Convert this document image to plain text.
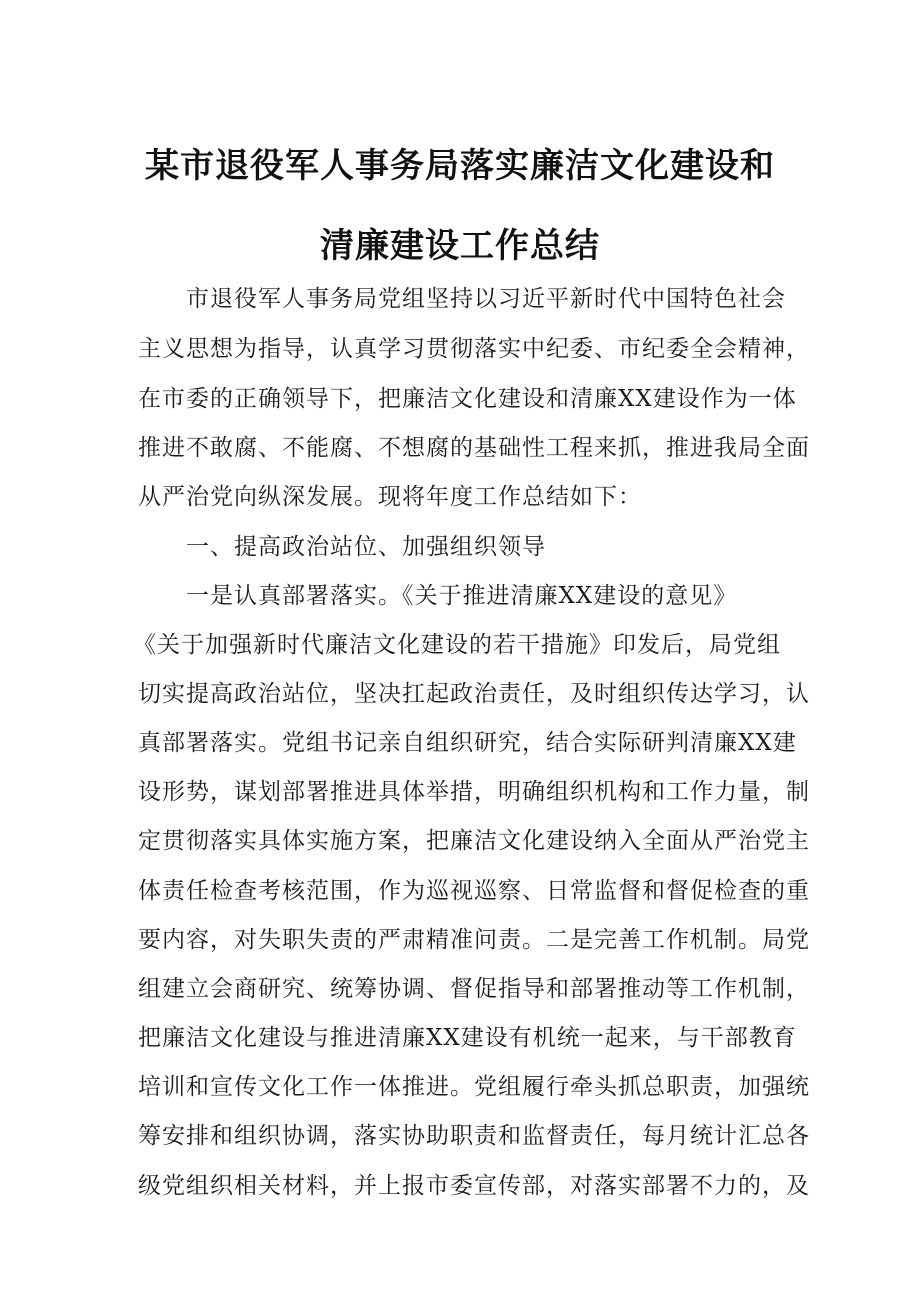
某市退役军人事务局落实廉洁文化建设和
清廉建设工作总结
市退役军人事务局党组坚持以习近平新时代中国特色社会
主义思想为指导，认真学习贯彻落实中纪委、市纪委全会精神，
在市委的正确领导下，把廉洁文化建设和清廉XX建设作为一体
推进不敢腐、不能腐、不想腐的基础性工程来抓，推进我局全面
从严治党向纵深发展。现将年度工作总结如下：
一、提高政治站位、加强组织领导
一是认真部署落实。《关于推进清廉XX建设的意见》
《关于加强新时代廉洁文化建设的若干措施》印发后，局党组
切实提高政治站位，坚决扛起政治责任，及时组织传达学习，认
真部署落实。党组书记亲自组织研究，结合实际研判清廉XX建
设形势，谋划部署推进具体举措，明确组织机构和工作力量，制
定贯彻落实具体实施方案，把廉洁文化建设纳入全面从严治党主
体责任检查考核范围，作为巡视巡察、日常监督和督促检查的重
要内容，对失职失责的严肃精准问责。二是完善工作机制。局党
组建立会商研究、统筹协调、督促指导和部署推动等工作机制，
把廉洁文化建设与推进清廉XX建设有机统一起来，与干部教育
培训和宣传文化工作一体推进。党组履行牵头抓总职责，加强统
筹安排和组织协调，落实协助职责和监督责任，每月统计汇总各
级党组织相关材料，并上报市委宣传部，对落实部署不力的，及
